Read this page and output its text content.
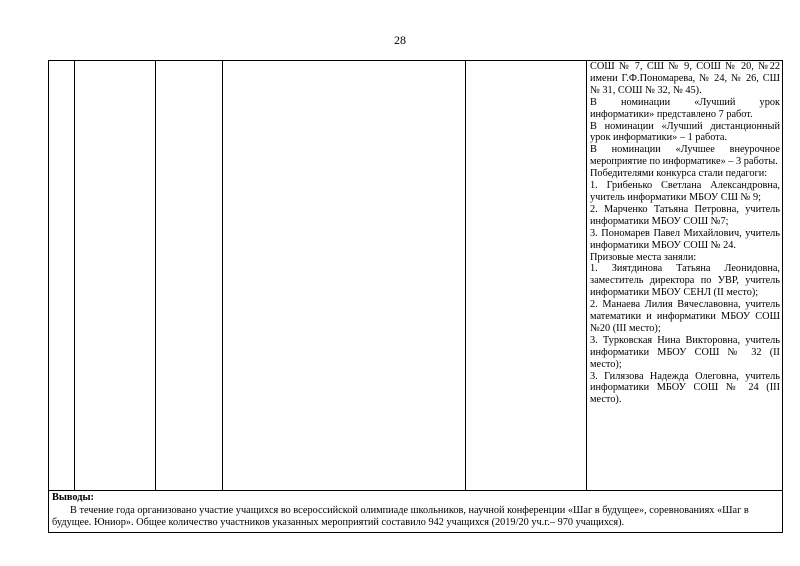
28

СОШ № 7, СШ № 9, СОШ № 20, №22 имени Г.Ф.Пономарева, № 24, № 26, СШ № 31, СОШ № 32, № 45).

В номинации «Лучший урок информатики» представлено 7 работ.

В номинации «Лучший дистанционный урок информатики» – 1 работа.

В номинации «Лучшее внеурочное мероприятие по информатике» – 3 работы.

Победителями конкурса стали педагоги:

1. Грибенько Светлана Александровна, учитель информатики МБОУ СШ № 9;

2. Марченко Татьяна Петровна, учитель информатики МБОУ СОШ №7;

3. Пономарев Павел Михайлович, учитель информатики МБОУ СОШ № 24.

Призовые места заняли:

1. Зиятдинова Татьяна Леонидовна, заместитель директора по УВР, учитель информатики МБОУ СЕНЛ (II место);

2. Манаева Лилия Вячеславовна, учитель математики и информатики МБОУ СОШ №20 (III место);

3. Турковская Нина Викторовна, учитель информатики МБОУ СОШ № 32 (II место);

3. Гилязова Надежда Олеговна, учитель информатики МБОУ СОШ № 24 (III место).

Выводы:
В течение года организовано участие учащихся во всероссийской олимпиаде школьников, научной конференции «Шаг в будущее», соревнованиях «Шаг в будущее. Юниор». Общее количество участников указанных мероприятий составило 942 учащихся (2019/20 уч.г.– 970 учащихся).
